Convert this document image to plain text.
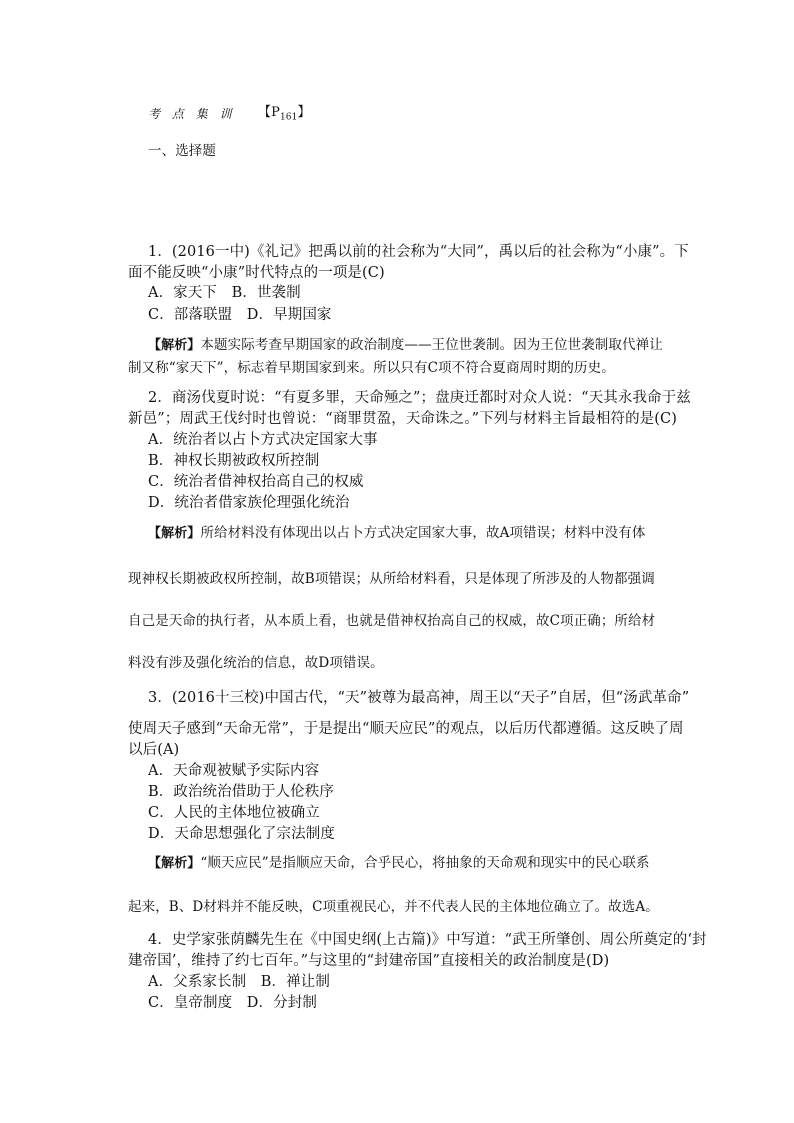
考 点 集 训 【$P_{161}$】
一、选择题
1．(2016一中)《礼记》把禹以前的社会称为“大同”，禹以后的社会称为“小康”。下
面不能反映“小康”时代特点的一项是(C)
A．家天下　B．世袭制
C．部落联盟　D．早期国家
【解析】本题实际考查早期国家的政治制度——王位世袭制。因为王位世袭制取代禅让
制又称“家天下”，标志着早期国家到来。所以只有C项不符合夏商周时期的历史。
2．商汤伐夏时说：“有夏多罪，天命殛之”；盘庚迁都时对众人说：“天其永我命于兹
新邑”；周武王伐纣时也曾说：“商罪贯盈，天命诛之。”下列与材料主旨最相符的是(C)
A．统治者以占卜方式决定国家大事
B．神权长期被政权所控制
C．统治者借神权抬高自己的权威
D．统治者借家族伦理强化统治
【解析】所给材料没有体现出以占卜方式决定国家大事，故A项错误；材料中没有体
现神权长期被政权所控制，故B项错误；从所给材料看，只是体现了所涉及的人物都强调
自己是天命的执行者，从本质上看，也就是借神权抬高自己的权威，故C项正确；所给材
料没有涉及强化统治的信息，故D项错误。
3．(2016十三校)中国古代，“天”被尊为最高神，周王以“天子”自居，但“汤武革命”
使周天子感到“天命无常”，于是提出“顺天应民”的观点，以后历代都遵循。这反映了周
以后(A)
A．天命观被赋予实际内容
B．政治统治借助于人伦秩序
C．人民的主体地位被确立
D．天命思想强化了宗法制度
【解析】“顺天应民”是指顺应天命，合乎民心，将抽象的天命观和现实中的民心联系
起来，B、D材料并不能反映，C项重视民心，并不代表人民的主体地位确立了。故选A。
4．史学家张荫麟先生在《中国史纲(上古篇)》中写道：“武王所肇创、周公所奠定的‘封
建帝国’，维持了约七百年。”与这里的“封建帝国”直接相关的政治制度是(D)
A．父系家长制　B．禅让制
C．皇帝制度　D．分封制
